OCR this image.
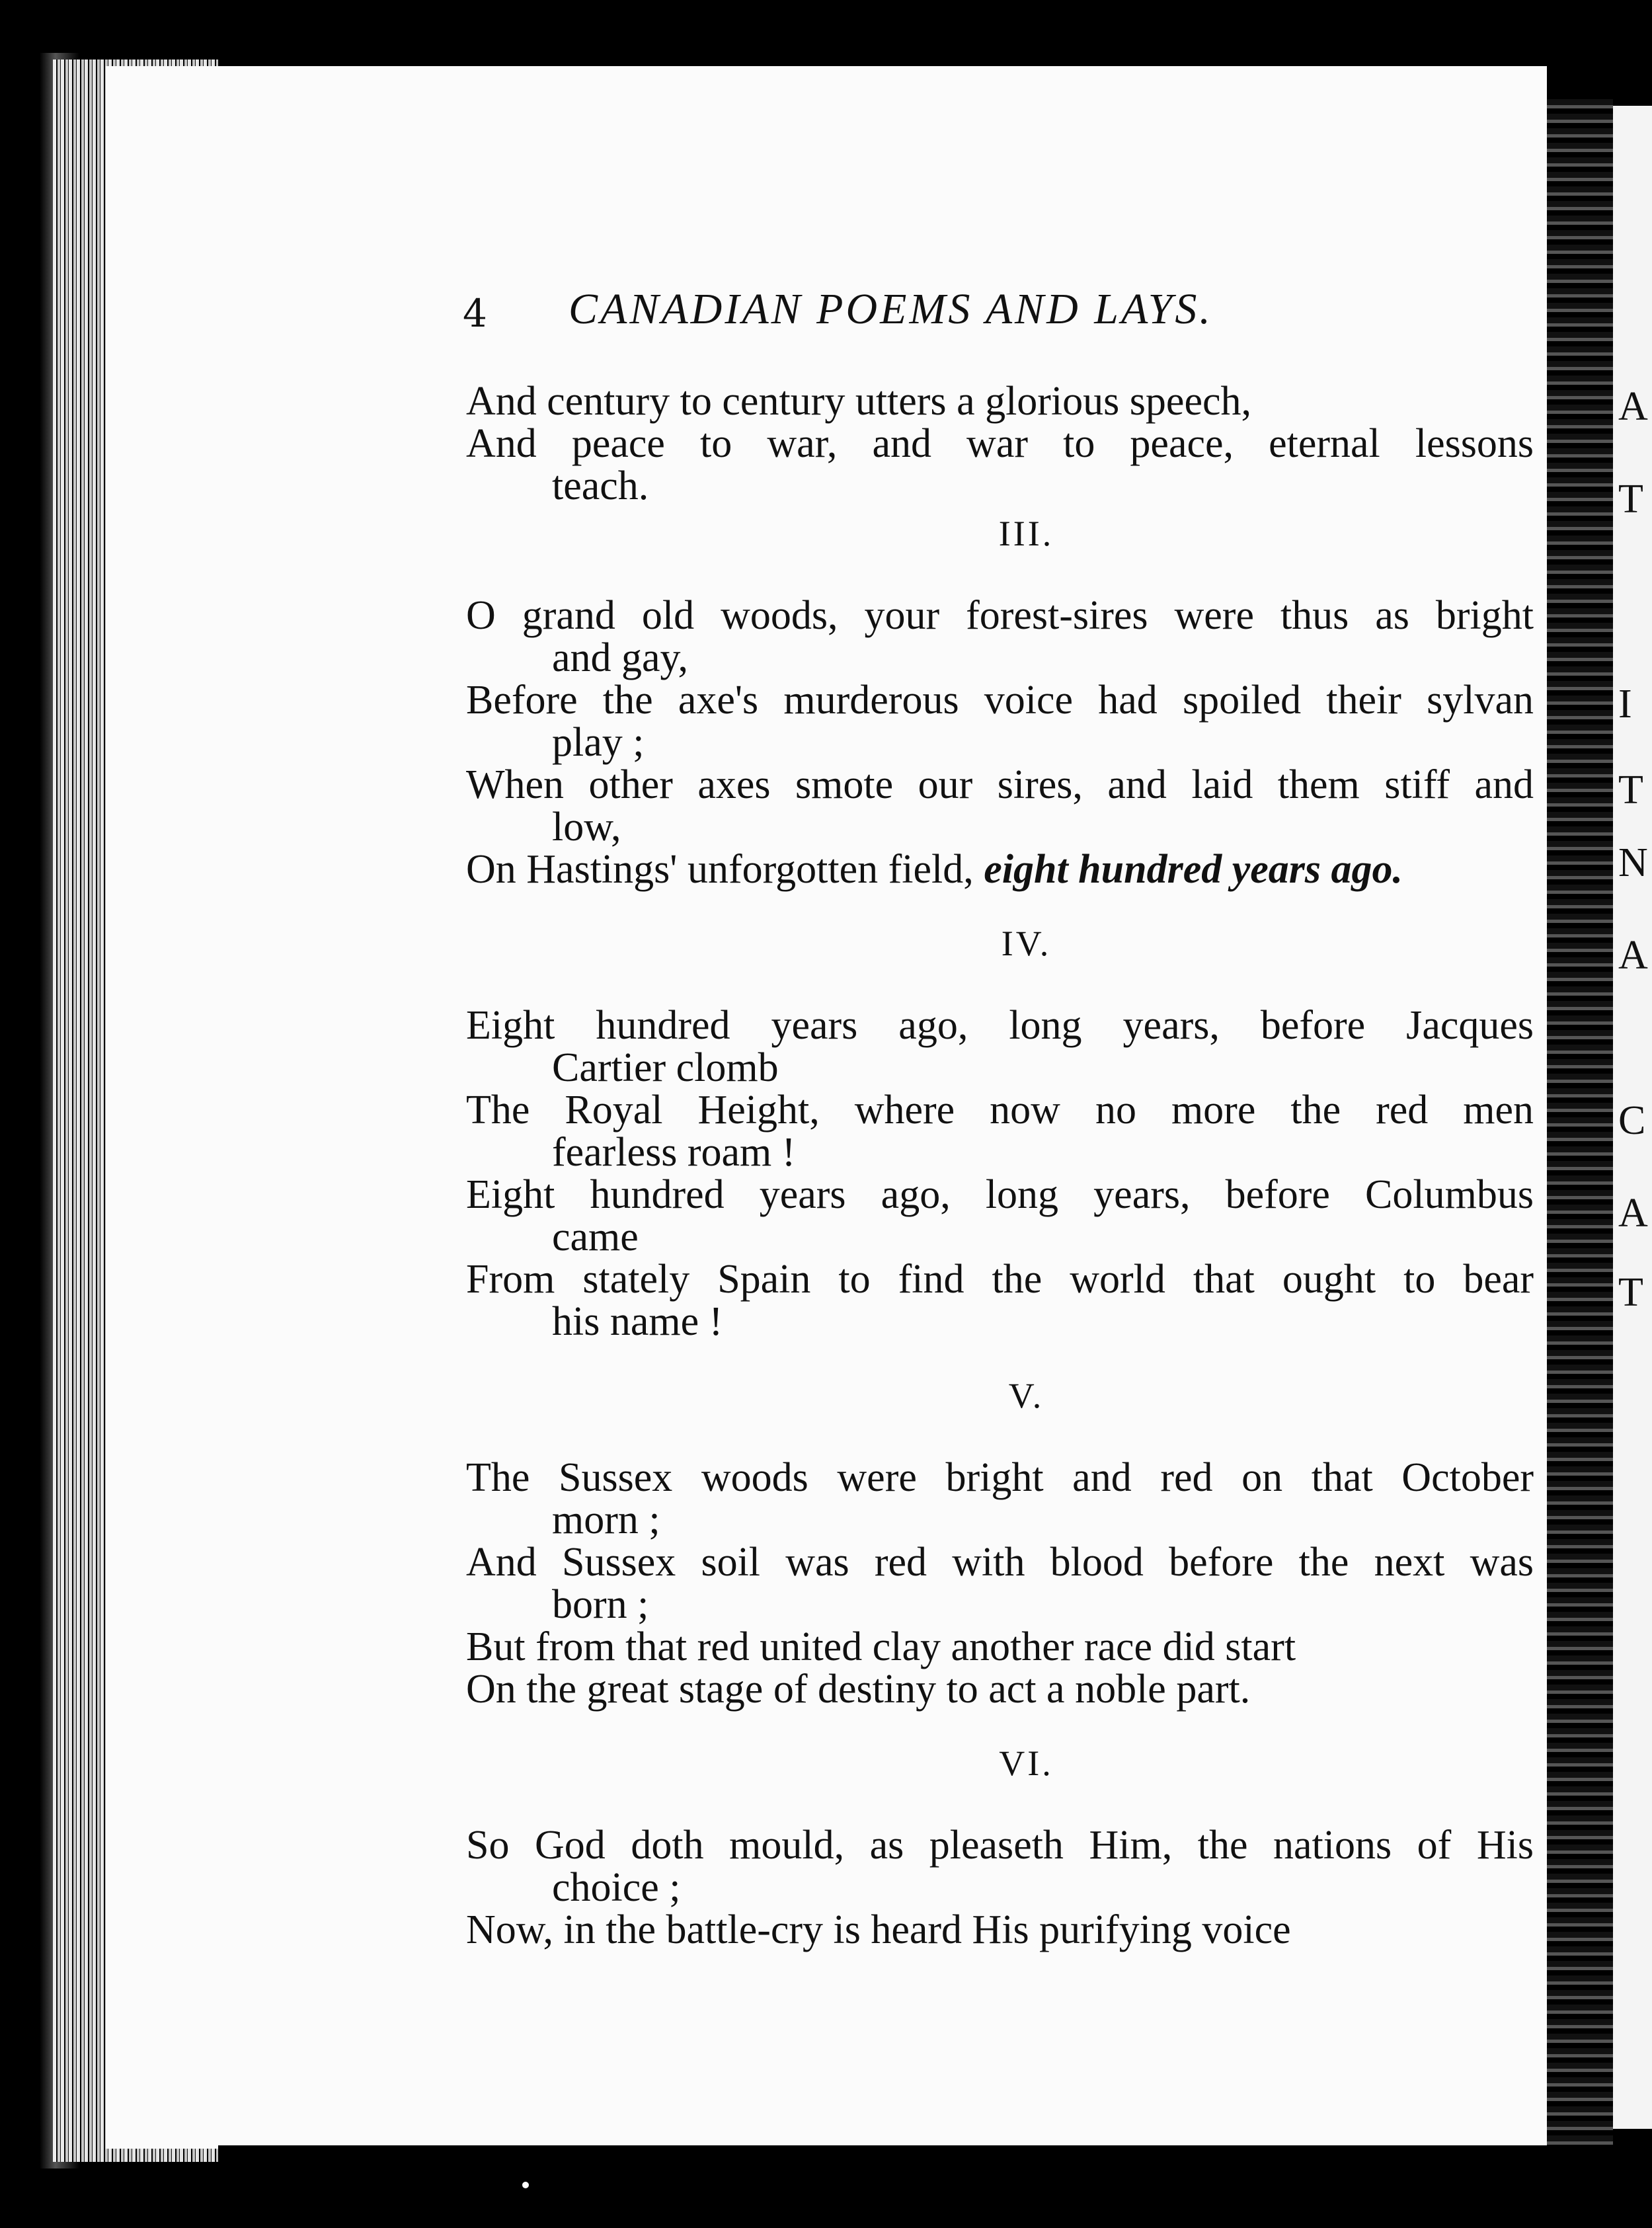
A
T
I
T
N
A
C
A
T
4 CANADIAN POEMS AND LAYS.
And century to century utters a glorious speech,
And peace to war, and war to peace, eternal lessons
teach.
III.
O grand old woods, your forest-sires were thus as bright
and gay,
Before the axe's murderous voice had spoiled their sylvan
play ;
When other axes smote our sires, and laid them stiff and
low,
On Hastings' unforgotten field, eight hundred years ago.
IV.
Eight hundred years ago, long years, before Jacques
Cartier clomb
The Royal Height, where now no more the red men
fearless roam !
Eight hundred years ago, long years, before Columbus
came
From stately Spain to find the world that ought to bear
his name !
V.
The Sussex woods were bright and red on that October
morn ;
And Sussex soil was red with blood before the next was
born ;
But from that red united clay another race did start
On the great stage of destiny to act a noble part.
VI.
So God doth mould, as pleaseth Him, the nations of His
choice ;
Now, in the battle-cry is heard His purifying voice
